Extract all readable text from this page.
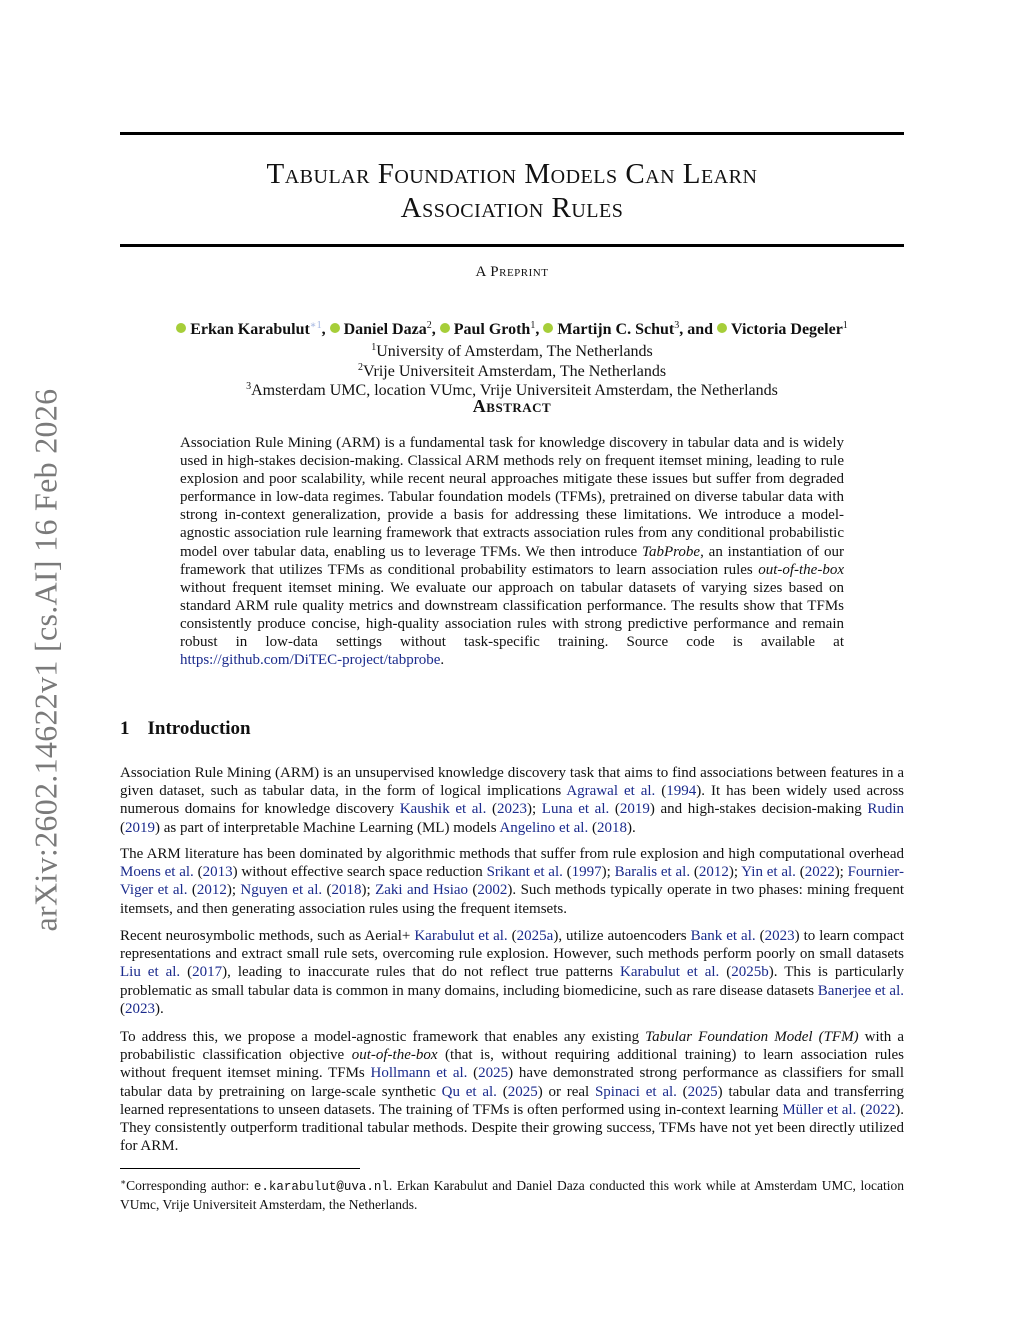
Tabular Foundation Models Can Learn
Association Rules
A Preprint
Erkan Karabulut$^{∗1}$, Daniel Daza$^2$, Paul Groth$^1$, Martijn C. Schut$^3$, and Victoria Degeler$^1$
$^1$University of Amsterdam, The Netherlands
$^2$Vrije Universiteit Amsterdam, The Netherlands
$^3$Amsterdam UMC, location VUmc, Vrije Universiteit Amsterdam, the Netherlands
Abstract
Association Rule Mining (ARM) is a fundamental task for knowledge discovery in tabular data and is widely used in high-stakes decision-making. Classical ARM methods rely on frequent itemset mining, leading to rule explosion and poor scalability, while recent neural approaches mitigate these issues but suffer from degraded performance in low-data regimes. Tabular foundation models (TFMs), pretrained on diverse tabular data with strong in-context generalization, provide a basis for addressing these limitations. We introduce a model-agnostic association rule learning framework that extracts association rules from any conditional probabilistic model over tabular data, enabling us to leverage TFMs. We then introduce TabProbe, an instantiation of our framework that utilizes TFMs as conditional probability estimators to learn association rules out-of-the-box without frequent itemset mining. We evaluate our approach on tabular datasets of varying sizes based on standard ARM rule quality metrics and downstream classification performance. The results show that TFMs consistently produce concise, high-quality association rules with strong predictive performance and remain robust in low-data settings without task-specific training. Source code is available at https://github.com/DiTEC-project/tabprobe.
arXiv:2602.14622v1 [cs.AI] 16 Feb 2026	1 Introduction
Association Rule Mining (ARM) is an unsupervised knowledge discovery task that aims to find associations between features in a given dataset, such as tabular data, in the form of logical implications Agrawal et al. (1994). It has been widely used across numerous domains for knowledge discovery Kaushik et al. (2023); Luna et al. (2019) and high-stakes decision-making Rudin (2019) as part of interpretable Machine Learning (ML) models Angelino et al. (2018).
The ARM literature has been dominated by algorithmic methods that suffer from rule explosion and high computational overhead Moens et al. (2013) without effective search space reduction Srikant et al. (1997); Baralis et al. (2012); Yin et al. (2022); Fournier-Viger et al. (2012); Nguyen et al. (2018); Zaki and Hsiao (2002). Such methods typically operate in two phases: mining frequent itemsets, and then generating association rules using the frequent itemsets.
Recent neurosymbolic methods, such as Aerial+ Karabulut et al. (2025a), utilize autoencoders Bank et al. (2023) to learn compact representations and extract small rule sets, overcoming rule explosion. However, such methods perform poorly on small datasets Liu et al. (2017), leading to inaccurate rules that do not reflect true patterns Karabulut et al. (2025b). This is particularly problematic as small tabular data is common in many domains, including biomedicine, such as rare disease datasets Banerjee et al. (2023).
To address this, we propose a model-agnostic framework that enables any existing Tabular Foundation Model (TFM) with a probabilistic classification objective out-of-the-box (that is, without requiring additional training) to learn association rules without frequent itemset mining. TFMs Hollmann et al. (2025) have demonstrated strong performance as classifiers for small tabular data by pretraining on large-scale synthetic Qu et al. (2025) or real Spinaci et al. (2025) tabular data and transferring learned representations to unseen datasets. The training of TFMs is often performed using in-context learning Müller et al. (2022). They consistently outperform traditional tabular methods. Despite their growing success, TFMs have not yet been directly utilized for ARM.
∗Corresponding author: e.karabulut@uva.nl. Erkan Karabulut and Daniel Daza conducted this work while at Amsterdam UMC, location VUmc, Vrije Universiteit Amsterdam, the Netherlands.
